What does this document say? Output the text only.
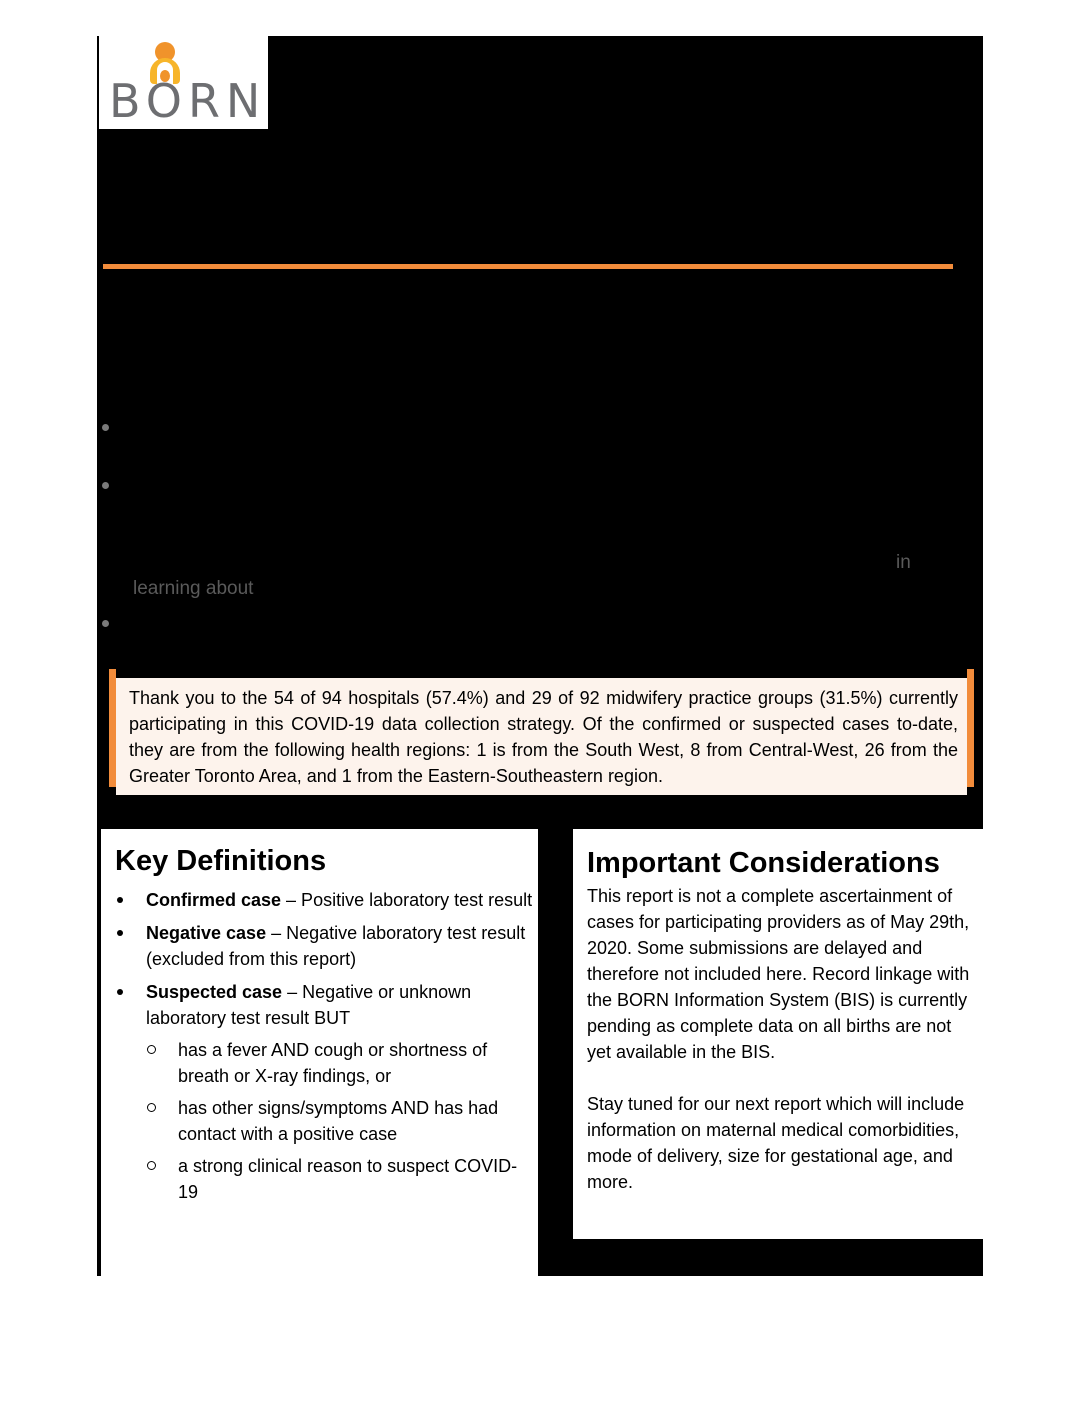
BORN
in
learning about
Thank you to the 54 of 94 hospitals (57.4%) and 29 of 92 midwifery practice groups (31.5%) currently participating in this COVID-19 data collection strategy. Of the confirmed or suspected cases to-date, they are from the following health regions: 1 is from the South West, 8 from Central-West, 26 from the Greater Toronto Area, and 1 from the Eastern-Southeastern region.
Key Definitions
Confirmed case – Positive laboratory test result
Negative case – Negative laboratory test result (excluded from this report)
Suspected case – Negative or unknown laboratory test result BUT
has a fever AND cough or shortness of breath or X-ray findings, or
has other signs/symptoms AND has had contact with a positive case
a strong clinical reason to suspect COVID-19
Important Considerations

This report is not a complete ascertainment of cases for participating providers as of May 29th, 2020. Some submissions are delayed and therefore not included here. Record linkage with the BORN Information System (BIS) is currently pending as complete data on all births are not yet available in the BIS.

Stay tuned for our next report which will include information on maternal medical comorbidities, mode of delivery, size for gestational age, and more.
